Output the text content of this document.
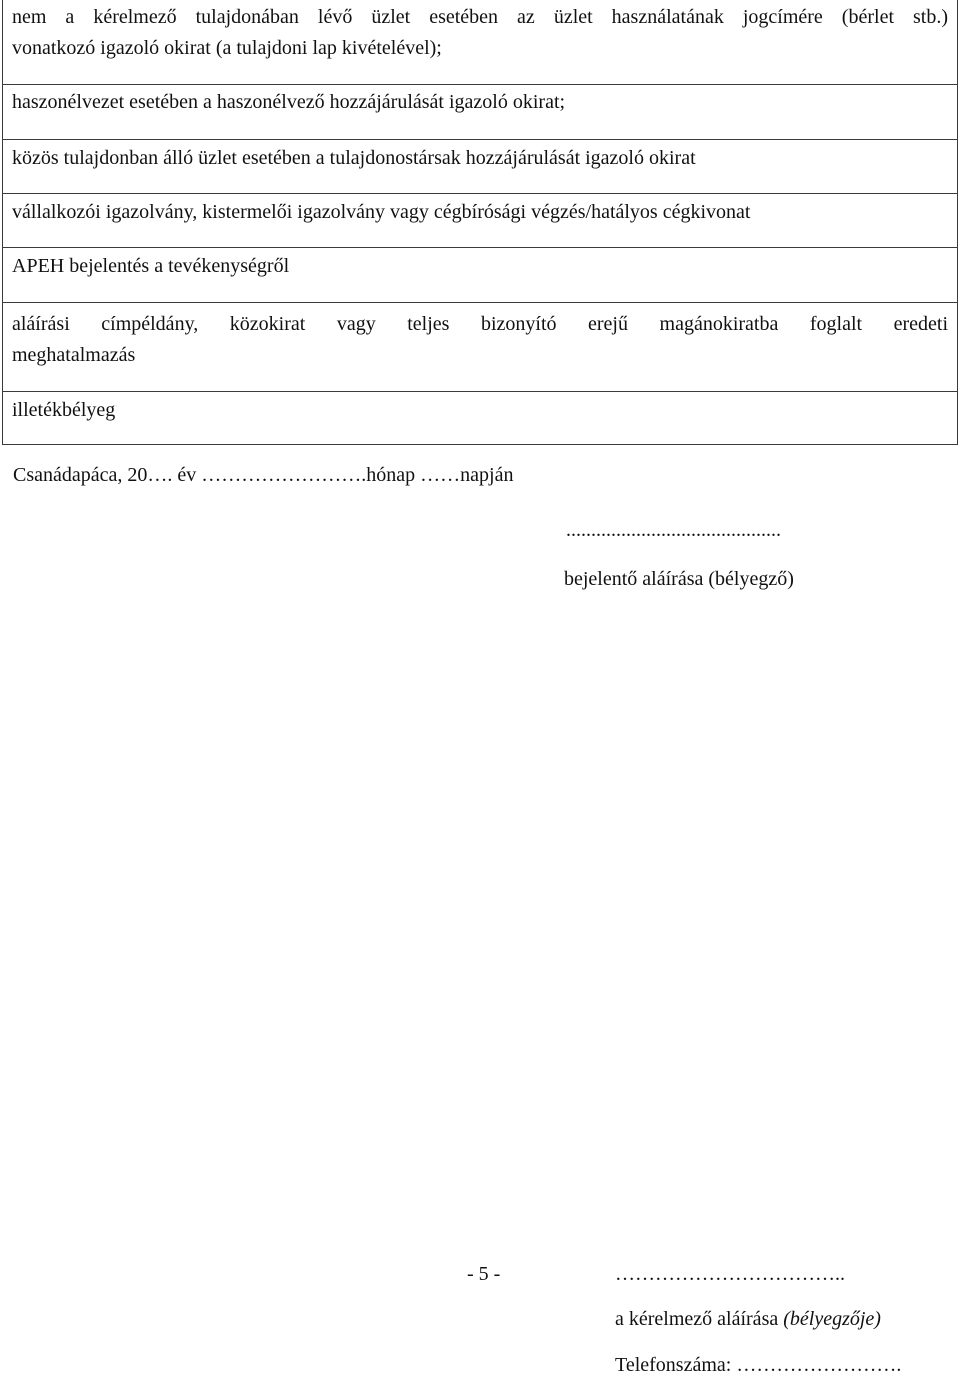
nem a kérelmező tulajdonában lévő üzlet esetében az üzlet használatának jogcímére (bérlet stb.)
vonatkozó igazoló okirat (a tulajdoni lap kivételével);
haszonélvezet esetében a haszonélvező hozzájárulását igazoló okirat;
közös tulajdonban álló üzlet esetében a tulajdonostársak hozzájárulását igazoló okirat
vállalkozói igazolvány, kistermelői igazolvány vagy cégbírósági végzés/hatályos cégkivonat
APEH bejelentés a tevékenységről

aláírási címpéldány, közokirat vagy teljes bizonyító erejű magánokiratba foglalt eredeti
meghatalmazás
illetékbélyeg
Csanádapáca, 20…. év …………………….hónap ……napján
...........................................
bejelentő aláírása (bélyegző)
- 5 -	……………………………..
a kérelmező aláírása (bélyegzője)
Telefonszáma: …………………….
